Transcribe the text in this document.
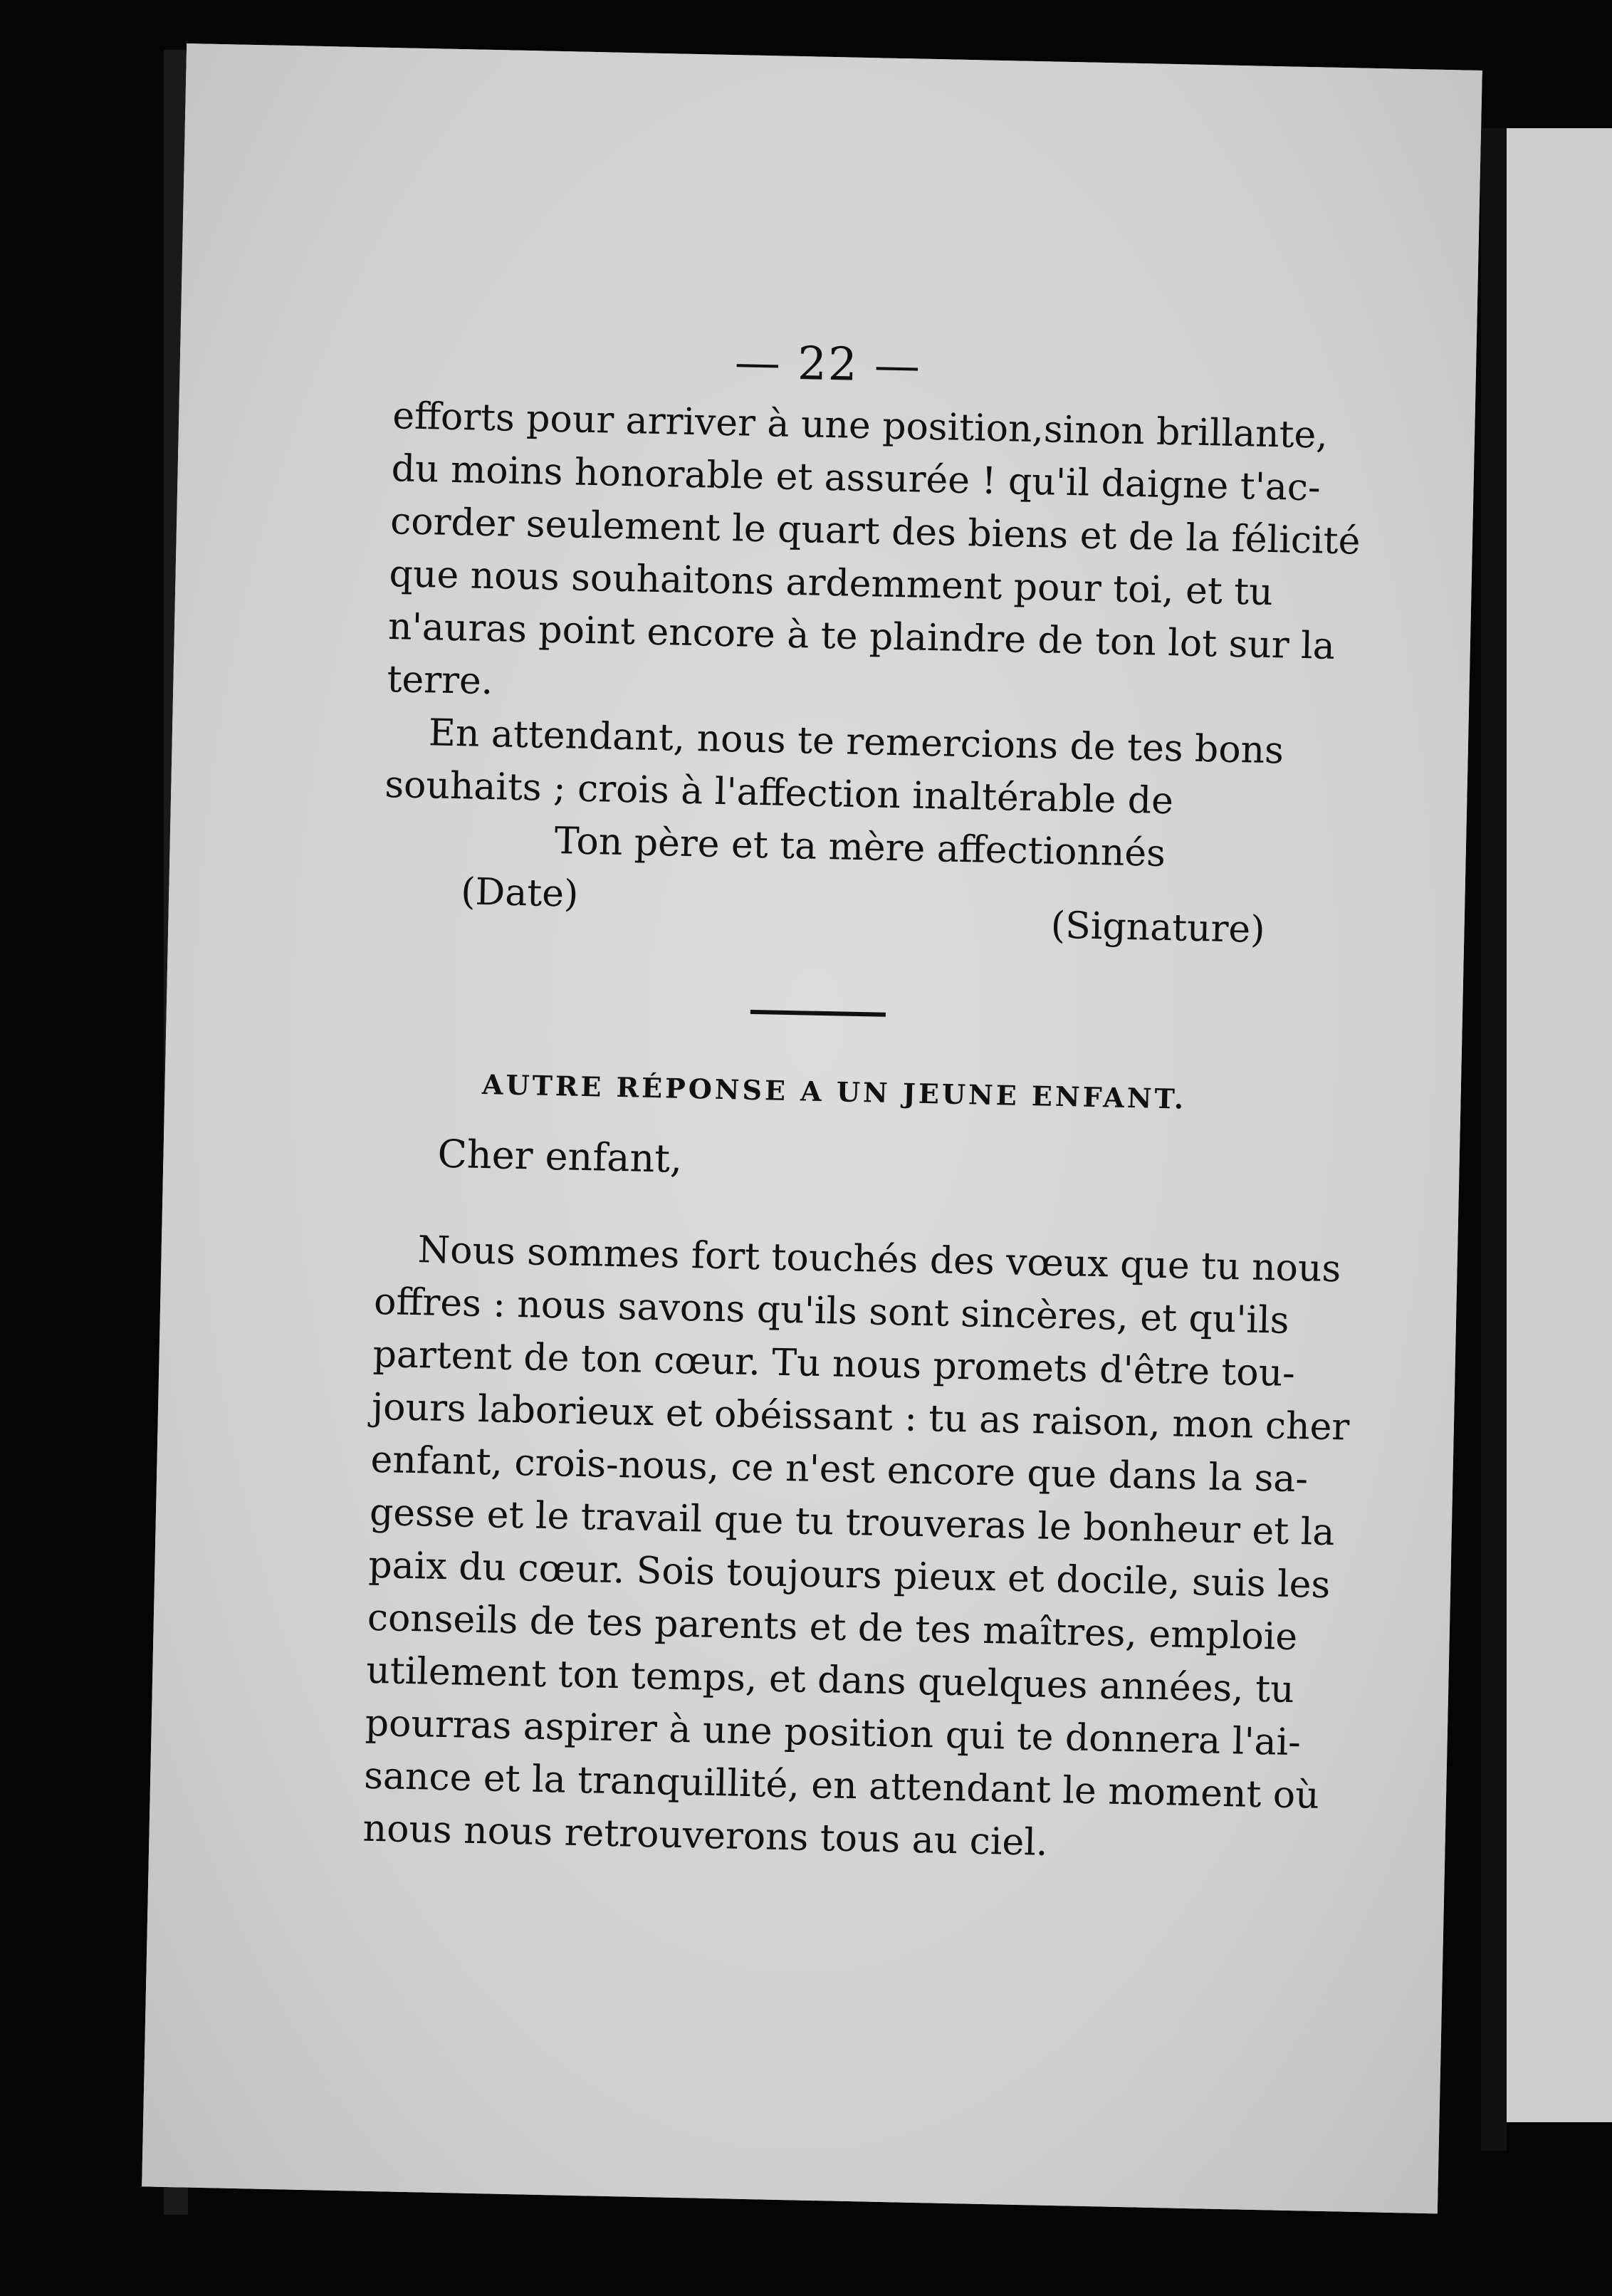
— 22 —
efforts pour arriver à une position,sinon brillante,
du moins honorable et assurée ! qu'il daigne t'ac-
corder seulement le quart des biens et de la félicité
que nous souhaitons ardemment pour toi, et tu
n'auras point encore à te plaindre de ton lot sur la
terre.
En attendant, nous te remercions de tes bons
souhaits ; crois à l'affection inaltérable de
Ton père et ta mère affectionnés
(Date)
(Signature)
AUTRE RÉPONSE A UN JEUNE ENFANT.
Cher enfant,
Nous sommes fort touchés des vœux que tu nous
offres : nous savons qu'ils sont sincères, et qu'ils
partent de ton cœur. Tu nous promets d'être tou-
jours laborieux et obéissant : tu as raison, mon cher
enfant, crois-nous, ce n'est encore que dans la sa-
gesse et le travail que tu trouveras le bonheur et la
paix du cœur. Sois toujours pieux et docile, suis les
conseils de tes parents et de tes maîtres, emploie
utilement ton temps, et dans quelques années, tu
pourras aspirer à une position qui te donnera l'ai-
sance et la tranquillité, en attendant le moment où
nous nous retrouverons tous au ciel.
